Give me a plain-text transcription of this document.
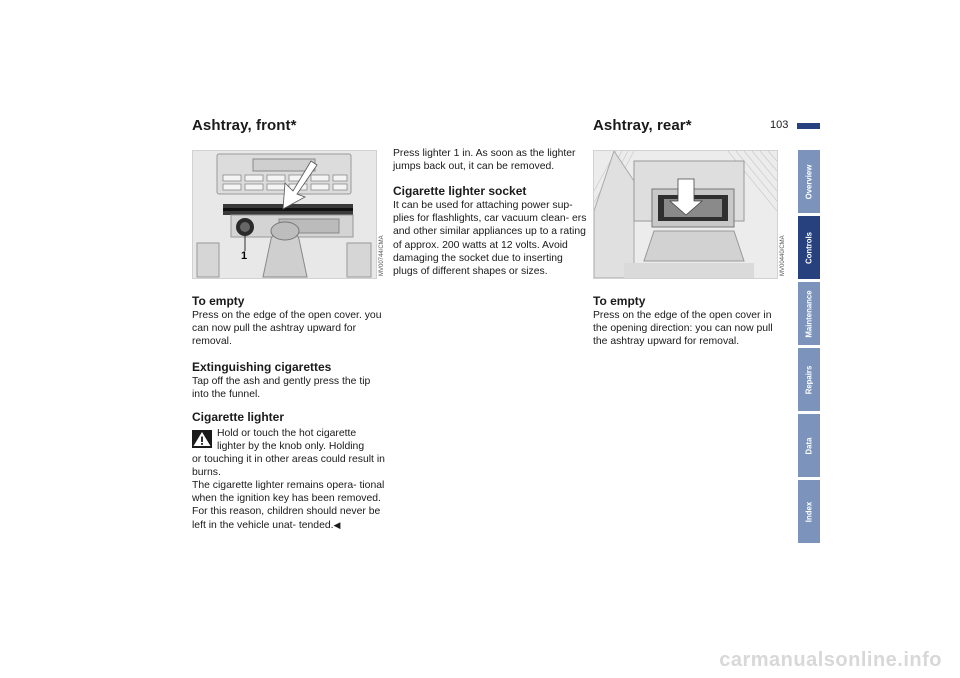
103
Ashtray, front*
1	MV00744/CMA
To empty

Press on the edge of the open cover. you can now pull the ashtray upward for removal.

Extinguishing cigarettes

Tap off the ash and gently press the tip into the funnel.

Cigarette lighter

Hold or touch the hot cigarette lighter by the knob only. Holding

or touching it in other areas could result in burns.

The cigarette lighter remains opera- tional when the ignition key has been removed. For this reason, children should never be left in the vehicle unat- tended.◀

Press lighter 1 in. As soon as the lighter jumps back out, it can be removed.

Cigarette lighter socket

It can be used for attaching power sup- plies for flashlights, car vacuum clean- ers and other similar appliances up to a rating of approx. 200 watts at 12 volts. Avoid damaging the socket due to inserting plugs of different shapes or sizes.

Ashtray, rear*
MV00440/CMA
To empty

Press on the edge of the open cover in the opening direction: you can now pull the ashtray upward for removal.

Overview
Controls
Maintenance
Repairs
Data
Index
carmanualsonline.info
